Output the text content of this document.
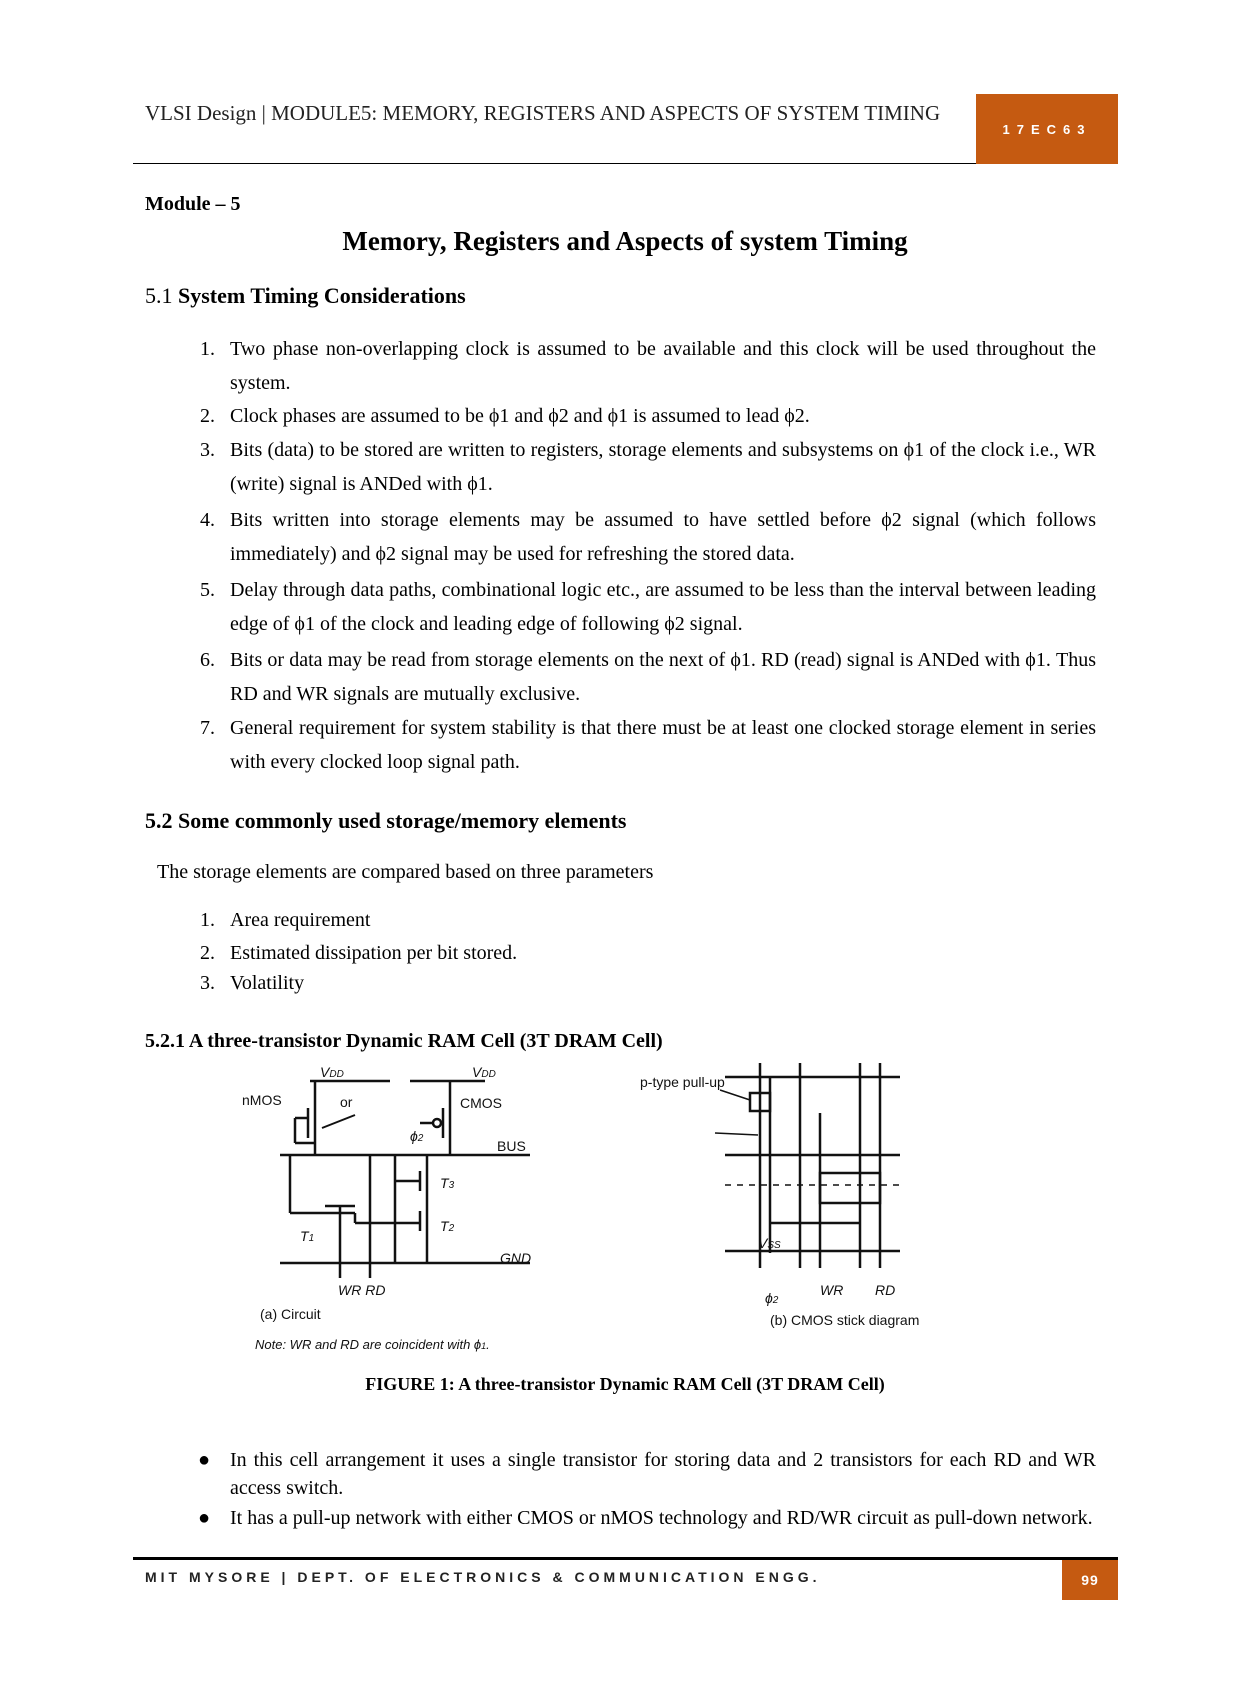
VLSI Design | MODULE5: MEMORY, REGISTERS AND ASPECTS OF SYSTEM TIMING
17EC63
Module – 5
Memory, Registers and Aspects of system Timing
5.1 System Timing Considerations
1. Two phase non-overlapping clock is assumed to be available and this clock will be used throughout the system.
2. Clock phases are assumed to be ϕ1 and ϕ2 and ϕ1 is assumed to lead ϕ2.
3. Bits (data) to be stored are written to registers, storage elements and subsystems on ϕ1 of the clock i.e., WR (write) signal is ANDed with ϕ1.
4. Bits written into storage elements may be assumed to have settled before ϕ2 signal (which follows immediately) and ϕ2 signal may be used for refreshing the stored data.
5. Delay through data paths, combinational logic etc., are assumed to be less than the interval between leading edge of ϕ1 of the clock and leading edge of following ϕ2 signal.
6. Bits or data may be read from storage elements on the next of ϕ1. RD (read) signal is ANDed with ϕ1. Thus RD and WR signals are mutually exclusive.
7. General requirement for system stability is that there must be at least one clocked storage element in series with every clocked loop signal path.
5.2 Some commonly used storage/memory elements
The storage elements are compared based on three parameters
1. Area requirement
2. Estimated dissipation per bit stored.
3. Volatility
5.2.1 A three-transistor Dynamic RAM Cell (3T DRAM Cell)
VDD	VDD
nMOS	or	CMOS
ϕ2	BUS
T3
T2
T1
GND
WR RD
(a) Circuit
Note: WR and RD are coincident with ϕ1.
p-type pull-up
VSS
WR RD
ϕ2
(b) CMOS stick diagram
FIGURE 1: A three-transistor Dynamic RAM Cell (3T DRAM Cell)
● In this cell arrangement it uses a single transistor for storing data and 2 transistors for each RD and WR access switch.
● It has a pull-up network with either CMOS or nMOS technology and RD/WR circuit as pull-down network.
MIT MYSORE | DEPT. OF ELECTRONICS & COMMUNICATION ENGG.	99
